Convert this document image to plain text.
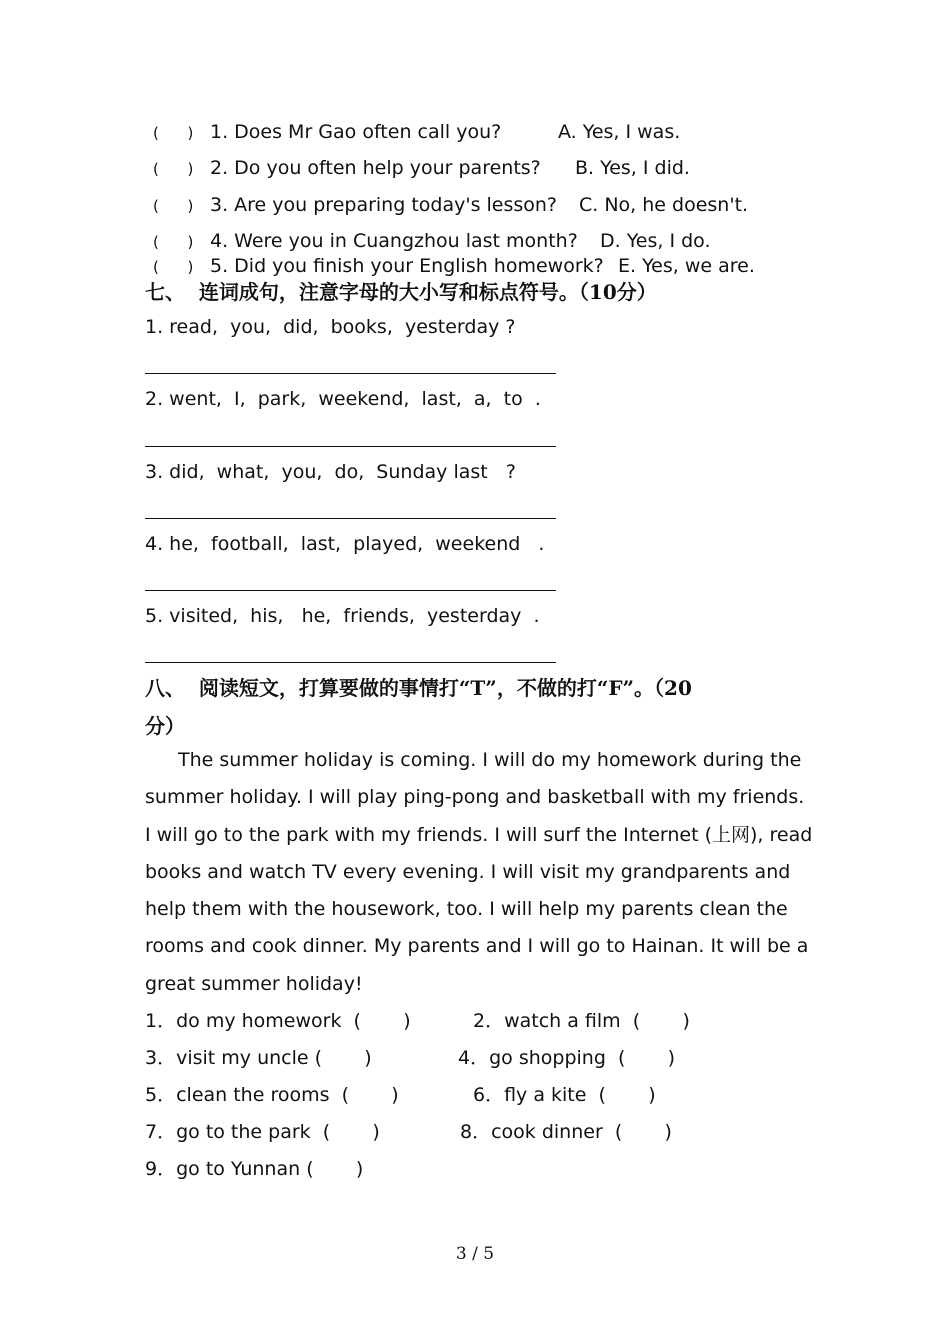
(      ) 1. Does Mr Gao often call you?	A. Yes, I was.
(      ) 2. Do you often help your parents? B. Yes, I did.
(      ) 3. Are you preparing today's lesson? C. No, he doesn't.
(      ) 4. Were you in Cuangzhou last month? D. Yes, I do.
(      ) 5. Did you finish your English homework? E. Yes, we are.
七、  连词成句，注意字母的大小写和标点符号。（10分）
1. read,  you,  did,  books,  yesterday ?
2. went,  I,  park,  weekend,  last,  a,  to  .
3. did,  what,  you,  do,  Sunday last   ?
4. he,  football,  last,  played,  weekend   .
5. visited,  his,   he,  friends,  yesterday  .
八、  阅读短文，打算要做的事情打“T”，不做的打“F”。（20
分）
The summer holiday is coming. I will do my homework during the summer holiday. I will play ping-pong and basketball with my friends. I will go to the park with my friends. I will surf the Internet (上网), read books and watch TV every evening. I will visit my grandparents and help them with the housework, too. I will help my parents clean the rooms and cook dinner. My parents and I will go to Hainan. It will be a great summer holiday!
1．do my homework  (       )	2．watch a film  (       )
3．visit my uncle (       )	4．go shopping  (       )
5．clean the rooms  (       )	6．fly a kite  (       )
7．go to the park  (       )	8．cook dinner  (       )
9．go to Yunnan (       )
3 / 5
